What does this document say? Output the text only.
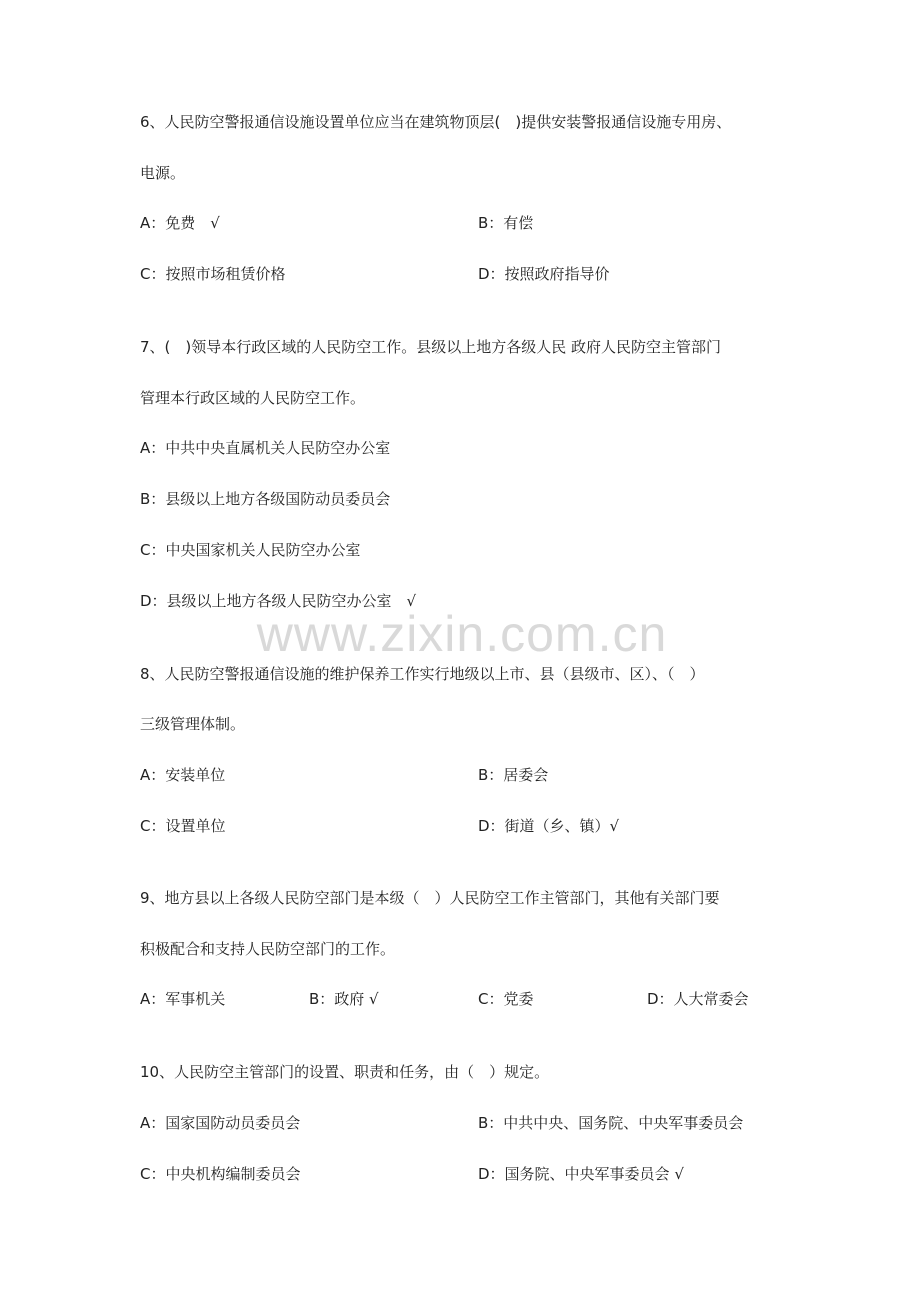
www.zixin.com.cn
6、人民防空警报通信设施设置单位应当在建筑物顶层(　)提供安装警报通信设施专用房、
电源。
A：免费　√	B：有偿
C：按照市场租赁价格	D：按照政府指导价
7、(　)领导本行政区域的人民防空工作。县级以上地方各级人民 政府人民防空主管部门
管理本行政区域的人民防空工作。
A：中共中央直属机关人民防空办公室
B：县级以上地方各级国防动员委员会
C：中央国家机关人民防空办公室
D：县级以上地方各级人民防空办公室　√
8、人民防空警报通信设施的维护保养工作实行地级以上市、县（县级市、区）、（　）
三级管理体制。
A：安装单位	B：居委会
C：设置单位	D：街道（乡、镇）√
9、地方县以上各级人民防空部门是本级（　）人民防空工作主管部门，其他有关部门要
积极配合和支持人民防空部门的工作。
A：军事机关	B：政府 √	C：党委	D：人大常委会
10、人民防空主管部门的设置、职责和任务，由（　）规定。
A：国家国防动员委员会	B：中共中央、国务院、中央军事委员会
C：中央机构编制委员会	D：国务院、中央军事委员会 √
